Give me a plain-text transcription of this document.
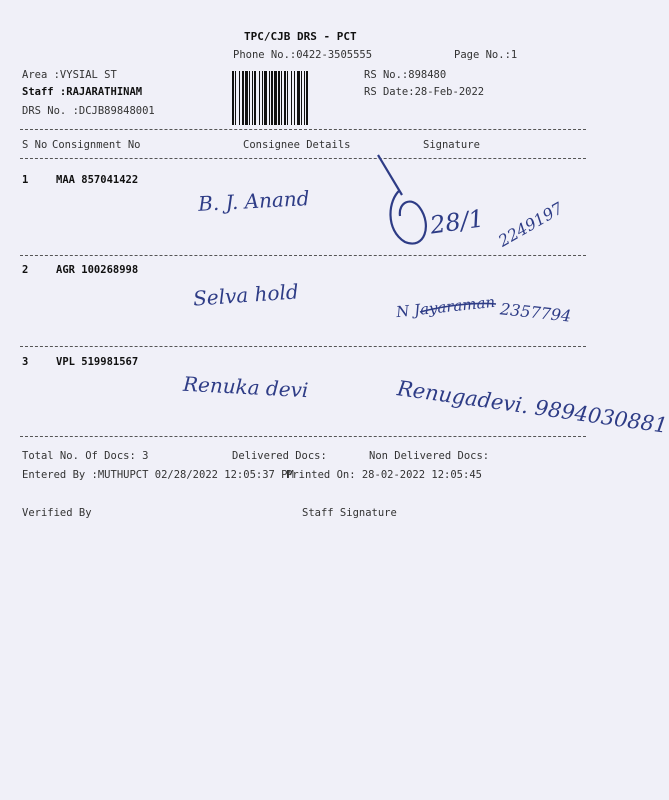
TPC/CJB DRS - PCT
Phone No.:0422-3505555	Page No.:1
Area :VYSIAL ST
Staff :RAJARATHINAM
DRS No. :DCJB89848001
RS No.:898480
RS Date:28-Feb-2022
S No Consignment No	Consignee Details	Signature
1	MAA 857041422
B. J. Anand
28/1 2249197
2	AGR 100268998
Selva hold	N Jayaraman 2357794
3	VPL 519981567
Renuka devi	Renugadevi. 9894030881
Total No. Of Docs: 3	Delivered Docs:	Non Delivered Docs:
Entered By :MUTHUPCT 02/28/2022 12:05:37 PM
Printed On: 28-02-2022 12:05:45
Verified By	Staff Signature
